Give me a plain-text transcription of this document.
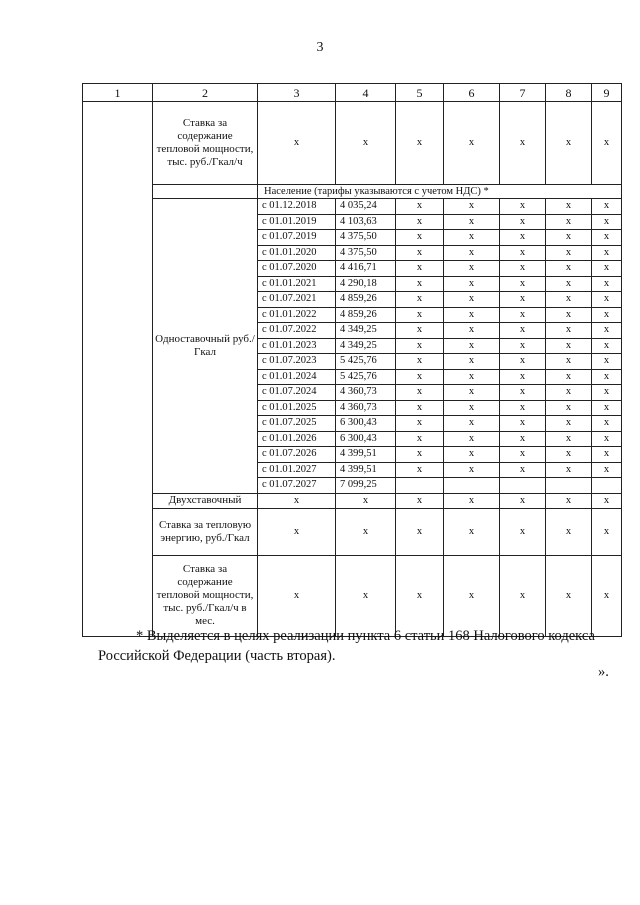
3
1	2	3	4	5	6	7	8	9
	Ставка за содержание тепловой мощности, тыс. руб./Гкал/ч	х	х	х	х	х	х	х
		Население (тарифы указываются с учетом НДС) *						
	Одноставочный руб./Гкал	с 01.12.2018	4 035,24	х	х	х	х	х
		с 01.01.2019	4 103,63	х	х	х	х	х
		с 01.07.2019	4 375,50	х	х	х	х	х
		с 01.01.2020	4 375,50	х	х	х	х	х
		с 01.07.2020	4 416,71	х	х	х	х	х
		с 01.01.2021	4 290,18	х	х	х	х	х
		с 01.07.2021	4 859,26	х	х	х	х	х
		с 01.01.2022	4 859,26	х	х	х	х	х
		с 01.07.2022	4 349,25	х	х	х	х	х
		с 01.01.2023	4 349,25	х	х	х	х	х
		с 01.07.2023	5 425,76	х	х	х	х	х
		с 01.01.2024	5 425,76	х	х	х	х	х
		с 01.07.2024	4 360,73	х	х	х	х	х
		с 01.01.2025	4 360,73	х	х	х	х	х
		с 01.07.2025	6 300,43	х	х	х	х	х
		с 01.01.2026	6 300,43	х	х	х	х	х
		с 01.07.2026	4 399,51	х	х	х	х	х
		с 01.01.2027	4 399,51	х	х	х	х	х
		с 01.07.2027	7 099,25					
	Двухставочный	х	х	х	х	х	х	х
	Ставка за тепловую энергию, руб./Гкал	х	х	х	х	х	х	х
	Ставка за содержание тепловой мощности, тыс. руб./Гкал/ч в мес.	х	х	х	х	х	х	х
* Выделяется в целях реализации пункта 6 статьи 168 Налогового кодекса Российской Федерации (часть вторая).
».
